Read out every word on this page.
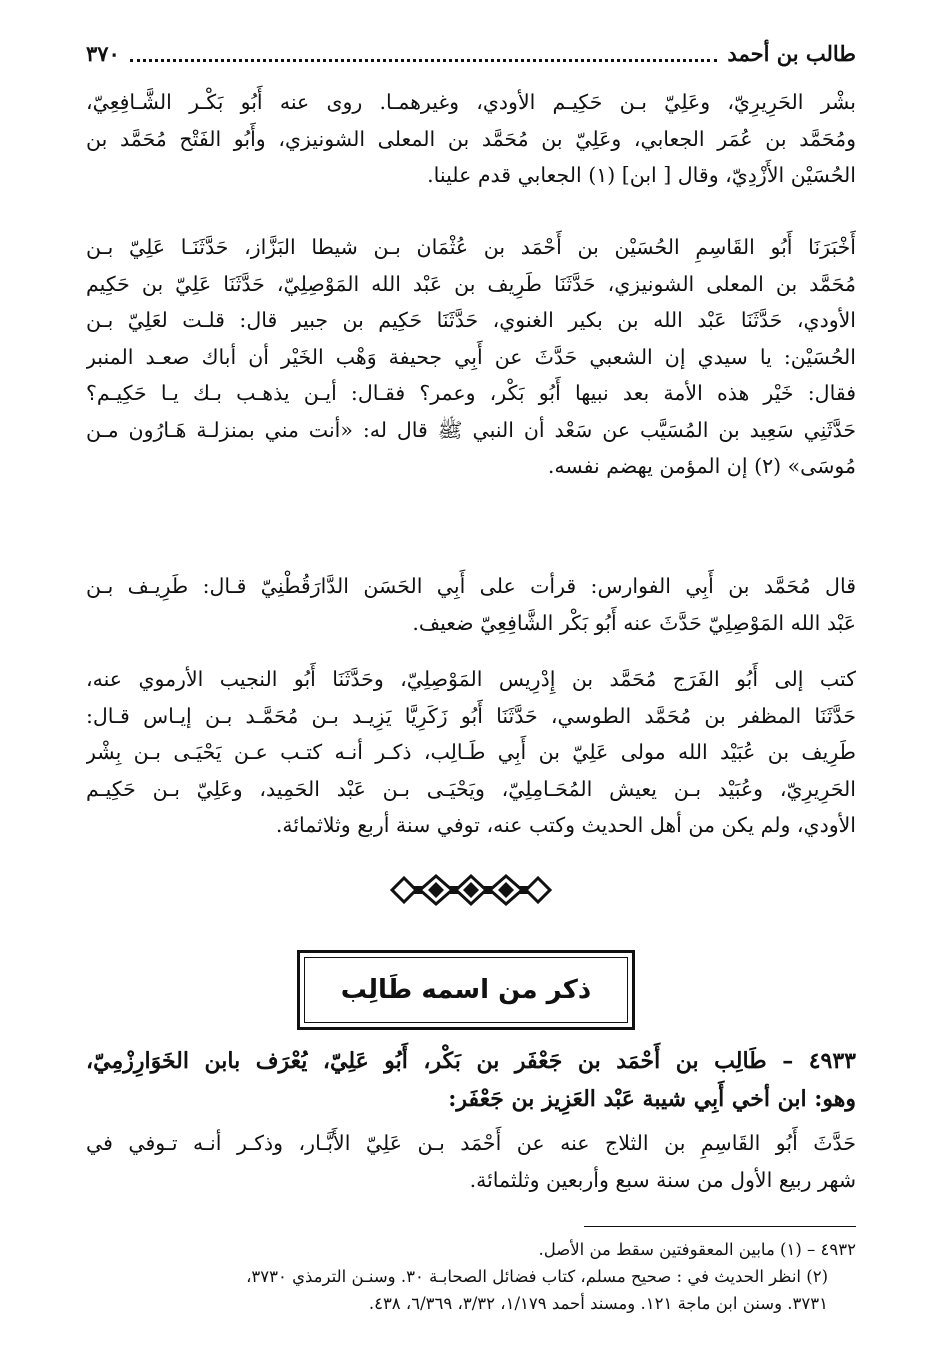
طالب بن أحمد
٣٧٠
بشْر الحَرِيرِيّ، وعَلِيّ بـن حَكِيـم الأودي، وغيرهمـا. روى عنه أَبُو بَكْـر الشَّـافِعِيّ،
ومُحَمَّد بن عُمَر الجعابي، وعَلِيّ بن مُحَمَّد بن المعلى الشونيزي، وأَبُو الفَتْح مُحَمَّد بن
الحُسَيْن الأَزْدِيّ، وقال [ ابن] (١) الجعابي قدم علينا.
أَخْبَرَنَا أَبُو القَاسِمِ الحُسَيْن بن أَحْمَد بن عُثْمَان بـن شيطا البَزَّاز، حَدَّثَنَـا عَلِيّ بـن
مُحَمَّد بن المعلى الشونيزي، حَدَّثَنَا طَرِيف بن عَبْد الله المَوْصِلِيّ، حَدَّثَنَا عَلِيّ بن حَكِيم
الأودي، حَدَّثَنَا عَبْد الله بن بكير الغنوي، حَدَّثَنَا حَكِيم بن جبير قال: قلـت لعَلِيّ بـن
الحُسَيْن: يا سيدي إن الشعبي حَدَّثَ عن أَبِي جحيفة وَهْب الخَيْر أن أباك صعـد المنبر
فقال: خَيْر هذه الأمة بعد نبيها أَبُو بَكْر، وعمر؟ فقـال: أيـن يذهـب بـك يـا حَكِيـم؟
حَدَّثَنِي سَعِيد بن المُسَيَّب عن سَعْد أن النبي ﷺ قال له: «أنت مني بمنزلـة هَـارُون مـن
مُوسَى» (٢) إن المؤمن يهضم نفسه.
قال مُحَمَّد بن أَبِي الفوارس: قرأت على أَبِي الحَسَن الدَّارَقُطْنِيّ قـال: طَرِيـف بـن
عَبْد الله المَوْصِلِيّ حَدَّثَ عنه أَبُو بَكْر الشَّافِعِيّ ضعيف.
كتب إلى أَبُو الفَرَج مُحَمَّد بن إِدْرِيس المَوْصِلِيّ، وحَدَّثَنَا أَبُو النجيب الأرموي عنه،
حَدَّثَنَا المظفر بن مُحَمَّد الطوسي، حَدَّثَنَا أَبُو زَكَرِيَّا يَزِيـد بـن مُحَمَّـد بـن إيـاس قـال:
طَرِيف بن عُبَيْد الله مولى عَلِيّ بن أَبِي طَـالِب، ذكـر أنـه كتـب عـن يَحْيَـى بـن بِشْر
الحَرِيرِيّ، وعُبَيْد بـن يعيش المُحَـامِلِيّ، ويَحْيَـى بـن عَبْد الحَمِيد، وعَلِيّ بـن حَكِيـم
الأودي، ولم يكن من أهل الحديث وكتب عنه، توفي سنة أربع وثلاثمائة.
ذكر من اسمه طَالِب
٤٩٣٣ – طَالِب بن أَحْمَد بن جَعْفَر بن بَكْر، أَبُو عَلِيّ، يُعْرَف بابن الخَوَارِزْمِيّ،
وهو: ابن أخي أَبِي شيبة عَبْد العَزِيز بن جَعْفَر:
حَدَّثَ أَبُو القَاسِمِ بن الثلاج عنه عن أَحْمَد بـن عَلِيّ الأَبَّـار، وذكـر أنـه تـوفي في
شهر ربيع الأول من سنة سبع وأربعين وثلثمائة.
٤٩٣٢ – (١) مابين المعقوفتين سقط من الأصل.
(٢) انظر الحديث في : صحيح مسلم، كتاب فضائل الصحابـة ٣٠. وسنـن الترمذي ٣٧٣٠،
٣٧٣١. وسنن ابن ماجة ١٢١. ومسند أحمد ١/١٧٩، ٣/٣٢، ٦/٣٦٩، ٤٣٨.
